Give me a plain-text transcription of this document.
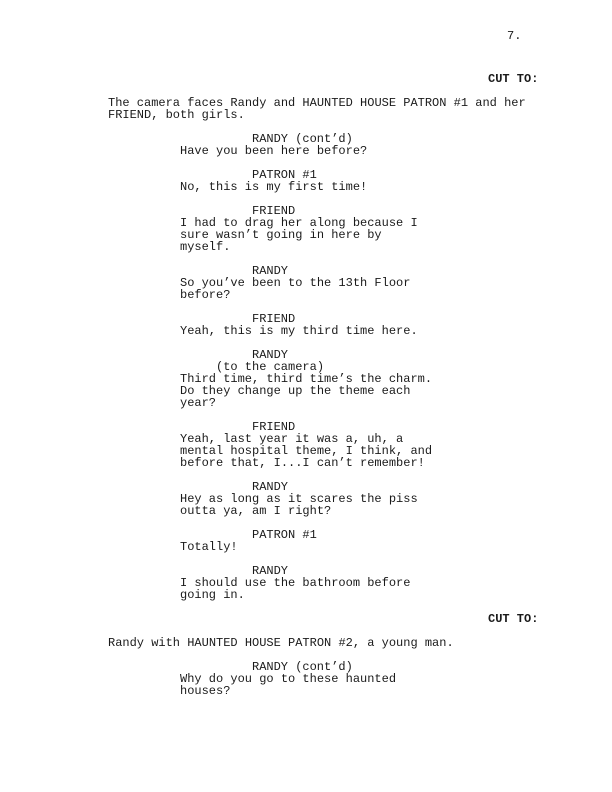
7.
CUT TO:
The camera faces Randy and HAUNTED HOUSE PATRON #1 and her
FRIEND, both girls.
RANDY (cont’d)
Have you been here before?
PATRON #1
No, this is my first time!
FRIEND
I had to drag her along because I
sure wasn’t going in here by
myself.
RANDY
So you’ve been to the 13th Floor
before?
FRIEND
Yeah, this is my third time here.
RANDY
(to the camera)
Third time, third time’s the charm.
Do they change up the theme each
year?
FRIEND
Yeah, last year it was a, uh, a
mental hospital theme, I think, and
before that, I...I can’t remember!
RANDY
Hey as long as it scares the piss
outta ya, am I right?
PATRON #1
Totally!
RANDY
I should use the bathroom before
going in.
CUT TO:
Randy with HAUNTED HOUSE PATRON #2, a young man.
RANDY (cont’d)
Why do you go to these haunted
houses?
